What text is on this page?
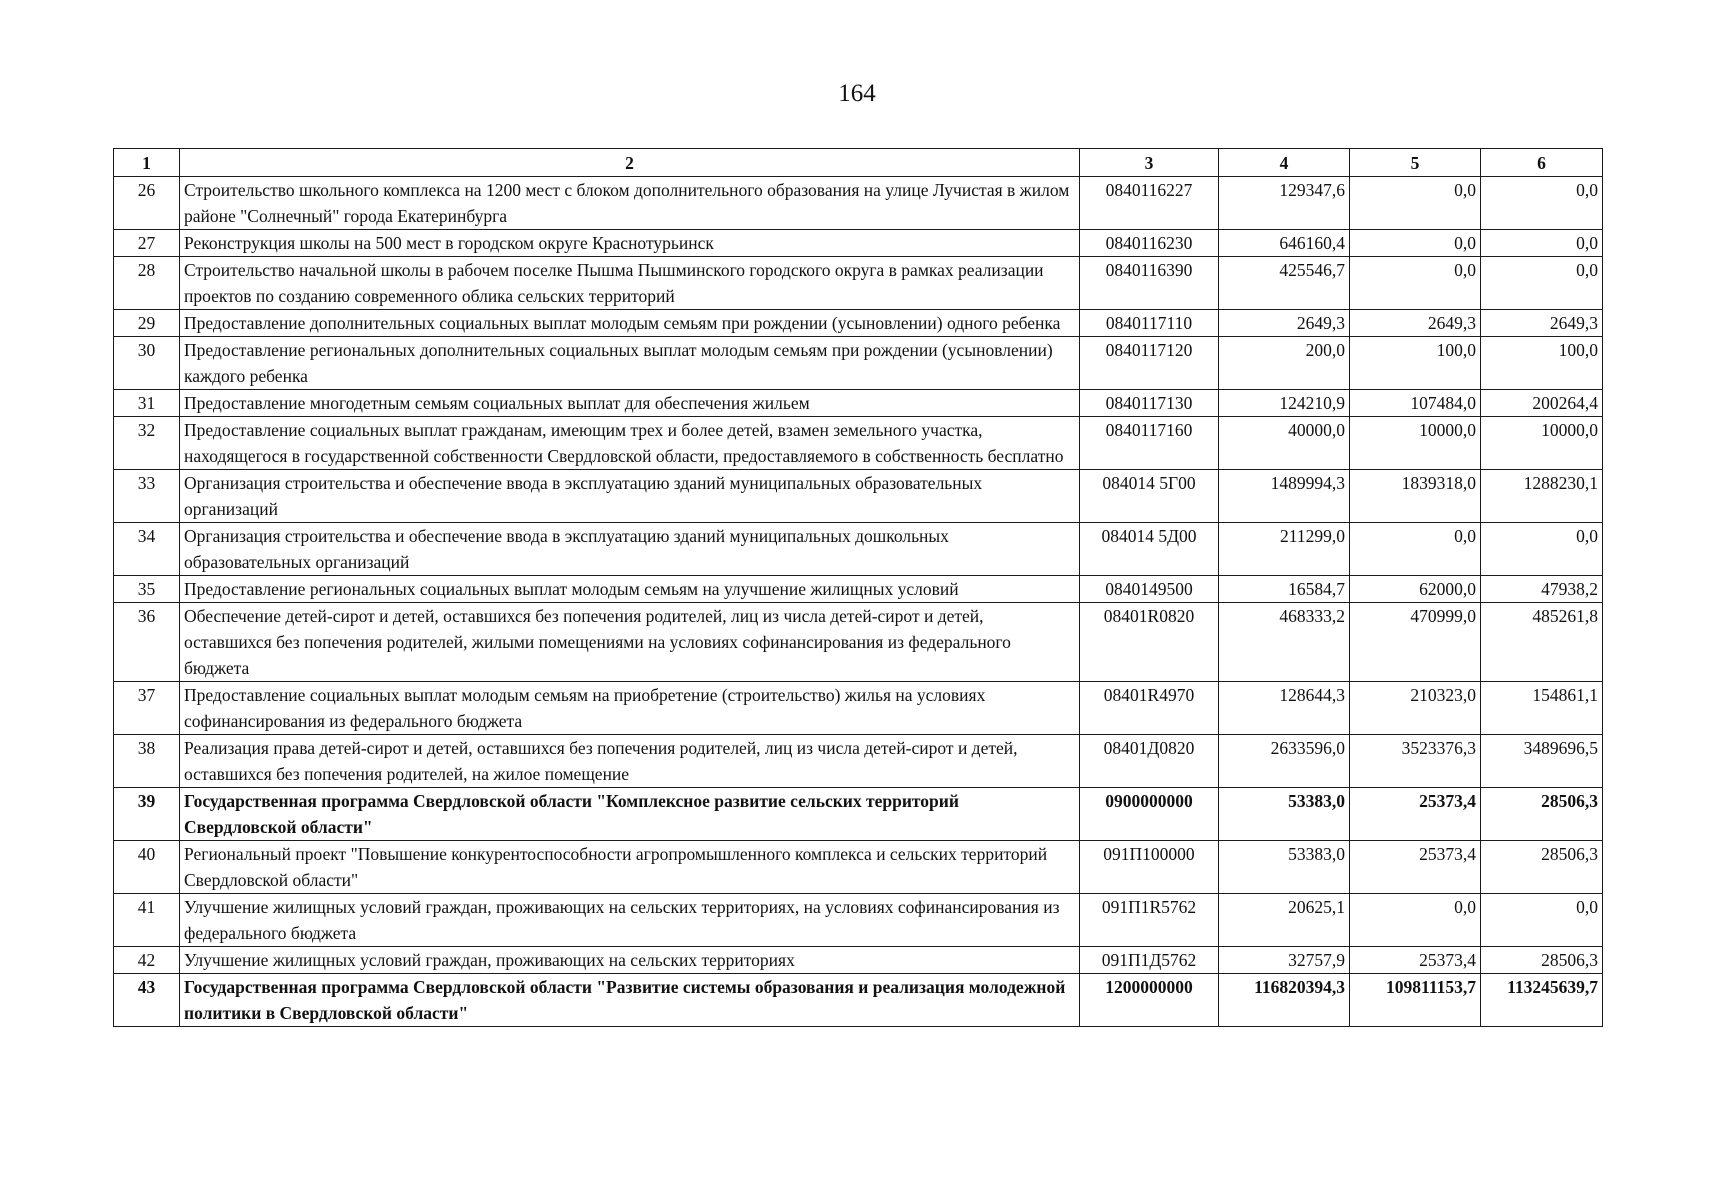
164
1	2	3	4	5	6
26	Строительство школьного комплекса на 1200 мест с блоком дополнительного образования на улице Лучистая в жилом районе "Солнечный" города Екатеринбурга	0840116227	129347,6	0,0	0,0
27	Реконструкция школы на 500 мест в городском округе Краснотурьинск	0840116230	646160,4	0,0	0,0
28	Строительство начальной школы в рабочем поселке Пышма Пышминского городского округа в рамках реализации проектов по созданию современного облика сельских территорий	0840116390	425546,7	0,0	0,0
29	Предоставление дополнительных социальных выплат молодым семьям при рождении (усыновлении) одного ребенка	0840117110	2649,3	2649,3	2649,3
30	Предоставление региональных дополнительных социальных выплат молодым семьям при рождении (усыновлении) каждого ребенка	0840117120	200,0	100,0	100,0
31	Предоставление многодетным семьям социальных выплат для обеспечения жильем	0840117130	124210,9	107484,0	200264,4
32	Предоставление социальных выплат гражданам, имеющим трех и более детей, взамен земельного участка, находящегося в государственной собственности Свердловской области, предоставляемого в собственность бесплатно	0840117160	40000,0	10000,0	10000,0
33	Организация строительства и обеспечение ввода в эксплуатацию зданий муниципальных образовательных организаций	084014 5Г00	1489994,3	1839318,0	1288230,1
34	Организация строительства и обеспечение ввода в эксплуатацию зданий муниципальных дошкольных образовательных организаций	084014 5Д00	211299,0	0,0	0,0
35	Предоставление региональных социальных выплат молодым семьям на улучшение жилищных условий	0840149500	16584,7	62000,0	47938,2
36	Обеспечение детей-сирот и детей, оставшихся без попечения родителей, лиц из числа детей-сирот и детей, оставшихся без попечения родителей, жилыми помещениями на условиях софинансирования из федерального бюджета	08401R0820	468333,2	470999,0	485261,8
37	Предоставление социальных выплат молодым семьям на приобретение (строительство) жилья на условиях софинансирования из федерального бюджета	08401R4970	128644,3	210323,0	154861,1
38	Реализация права детей-сирот и детей, оставшихся без попечения родителей, лиц из числа детей-сирот и детей, оставшихся без попечения родителей, на жилое помещение	08401Д0820	2633596,0	3523376,3	3489696,5
39	Государственная программа Свердловской области "Комплексное развитие сельских территорий Свердловской области"	0900000000	53383,0	25373,4	28506,3
40	Региональный проект "Повышение конкурентоспособности агропромышленного комплекса и сельских территорий Свердловской области"	091П100000	53383,0	25373,4	28506,3
41	Улучшение жилищных условий граждан, проживающих на сельских территориях, на условиях софинансирования из федерального бюджета	091П1R5762	20625,1	0,0	0,0
42	Улучшение жилищных условий граждан, проживающих на сельских территориях	091П1Д5762	32757,9	25373,4	28506,3
43	Государственная программа Свердловской области "Развитие системы образования и реализация молодежной политики в Свердловской области"	1200000000	116820394,3	109811153,7	113245639,7
